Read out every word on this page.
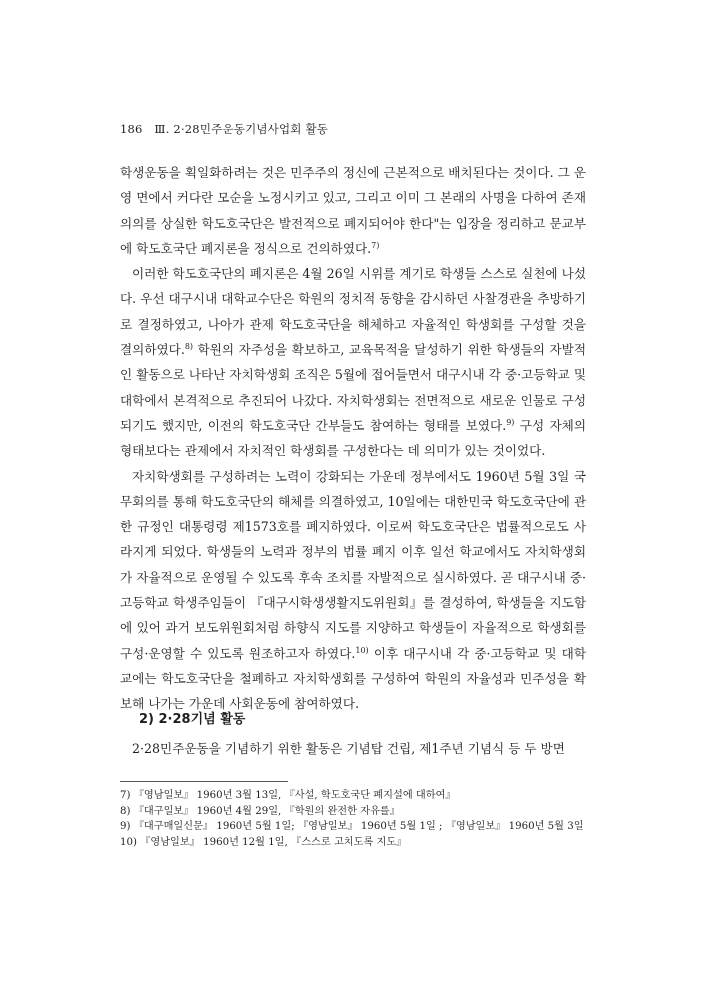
186 Ⅲ. 2·28민주운동기념사업회 활동

학생운동을 획일화하려는 것은 민주주의 정신에 근본적으로 배치된다는 것이다. 그 운영 면에서 커다란 모순을 노정시키고 있고, 그리고 이미 그 본래의 사명을 다하여 존재의의를 상실한 학도호국단은 발전적으로 폐지되어야 한다"는 입장을 정리하고 문교부에 학도호국단 폐지론을 정식으로 건의하였다.$^{7)}$

이러한 학도호국단의 폐지론은 4월 26일 시위를 계기로 학생들 스스로 실천에 나섰다. 우선 대구시내 대학교수단은 학원의 정치적 동향을 감시하던 사찰경관을 추방하기로 결정하였고, 나아가 관제 학도호국단을 해체하고 자율적인 학생회를 구성할 것을 결의하였다.$^{8)}$ 학원의 자주성을 확보하고, 교육목적을 달성하기 위한 학생들의 자발적인 활동으로 나타난 자치학생회 조직은 5월에 접어들면서 대구시내 각 중·고등학교 및 대학에서 본격적으로 추진되어 나갔다. 자치학생회는 전면적으로 새로운 인물로 구성되기도 했지만, 이전의 학도호국단 간부들도 참여하는 형태를 보였다.$^{9)}$ 구성 자체의 형태보다는 관제에서 자치적인 학생회를 구성한다는 데 의미가 있는 것이었다.

자치학생회를 구성하려는 노력이 강화되는 가운데 정부에서도 1960년 5월 3일 국무회의를 통해 학도호국단의 해체를 의결하였고, 10일에는 대한민국 학도호국단에 관한 규정인 대통령령 제1573호를 폐지하였다. 이로써 학도호국단은 법률적으로도 사라지게 되었다. 학생들의 노력과 정부의 법률 폐지 이후 일선 학교에서도 자치학생회가 자율적으로 운영될 수 있도록 후속 조치를 자발적으로 실시하였다. 곧 대구시내 중·고등학교 학생주임들이 『대구시학생생활지도위원회』를 결성하여, 학생들을 지도함에 있어 과거 보도위원회처럼 하향식 지도를 지양하고 학생들이 자율적으로 학생회를 구성·운영할 수 있도록 원조하고자 하였다.$^{10)}$ 이후 대구시내 각 중·고등학교 및 대학교에는 학도호국단을 철폐하고 자치학생회를 구성하여 학원의 자율성과 민주성을 확보해 나가는 가운데 사회운동에 참여하였다.

2) 2·28기념 활동
2·28민주운동을 기념하기 위한 활동은 기념탑 건립, 제1주년 기념식 등 두 방면
7) 『영남일보』 1960년 3월 13일, 『사설, 학도호국단 폐지설에 대하여』
8) 『대구일보』 1960년 4월 29일, 『학원의 완전한 자유를』
9) 『대구매일신문』 1960년 5월 1일; 『영남일보』 1960년 5월 1일 ; 『영남일보』 1960년 5월 3일
10) 『영남일보』 1960년 12월 1일, 『스스로 고치도록 지도』
